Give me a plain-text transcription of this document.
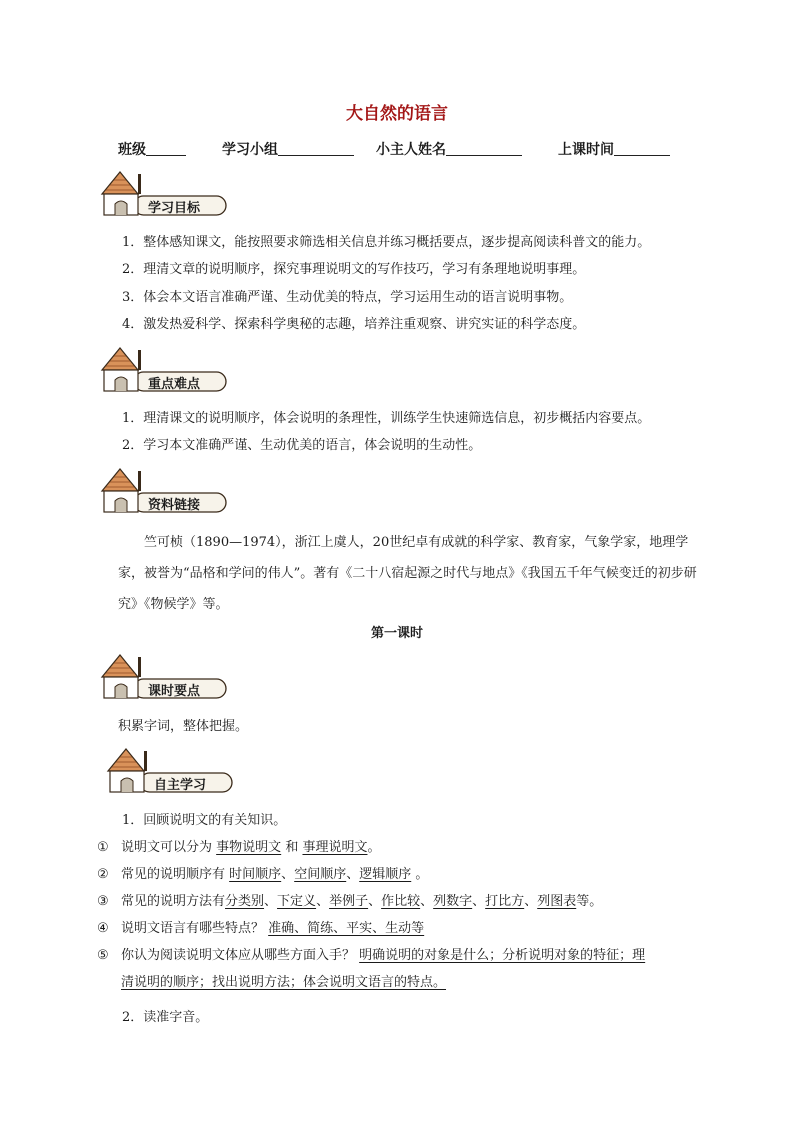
大自然的语言
班级	学习小组	小主人姓名	上课时间
学习目标
1．整体感知课文，能按照要求筛选相关信息并练习概括要点，逐步提高阅读科普文的能力。
2．理清文章的说明顺序，探究事理说明文的写作技巧，学习有条理地说明事理。
3．体会本文语言准确严谨、生动优美的特点，学习运用生动的语言说明事物。
4．激发热爱科学、探索科学奥秘的志趣，培养注重观察、讲究实证的科学态度。
重点难点
1．理清课文的说明顺序，体会说明的条理性，训练学生快速筛选信息，初步概括内容要点。
2．学习本文准确严谨、生动优美的语言，体会说明的生动性。
资料链接
竺可桢（1890—1974），浙江上虞人，20世纪卓有成就的科学家、教育家，气象学家，地理学家，被誉为“品格和学问的伟人”。著有《二十八宿起源之时代与地点》《我国五千年气候变迁的初步研究》《物候学》等。
第一课时
课时要点
积累字词，整体把握。
自主学习
1．回顾说明文的有关知识。
① 说明文可以分为 事物说明文 和 事理说明文。
② 常见的说明顺序有 时间顺序、空间顺序、逻辑顺序 。
③ 常见的说明方法有分类别、下定义、举例子、作比较、列数字、打比方、列图表等。
④ 说明文语言有哪些特点？ 准确、简练、平实、生动等
⑤ 你认为阅读说明文体应从哪些方面入手？ 明确说明的对象是什么；分析说明对象的特征；理
清说明的顺序；找出说明方法；体会说明文语言的特点。
2．读准字音。
